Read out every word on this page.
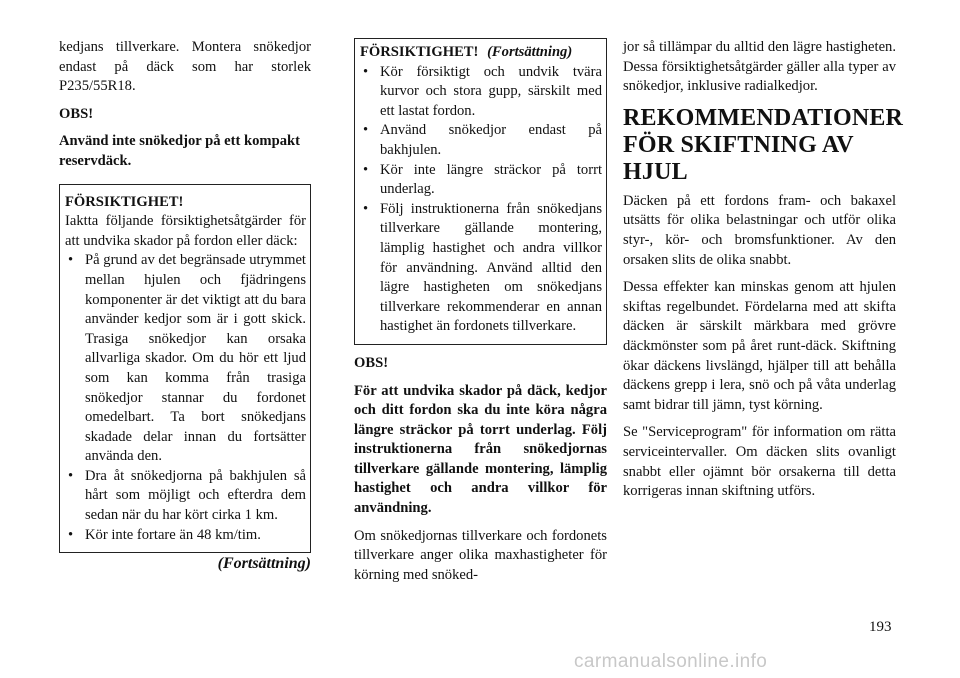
kedjans tillverkare. Montera snökedjor endast på däck som har storlek P235/55R18.

OBS!

Använd inte snökedjor på ett kompakt reservdäck.

FÖRSIKTIGHET!
Iaktta följande försiktighetsåtgärder för att undvika skador på fordon eller däck:
• På grund av det begränsade utrymmet mellan hjulen och fjädringens komponenter är det viktigt att du bara använder kedjor som är i gott skick. Trasiga snökedjor kan orsaka allvarliga skador. Om du hör ett ljud som kan komma från trasiga snökedjor stannar du fordonet omedelbart. Ta bort snökedjans skadade delar innan du fortsätter använda den.
• Dra åt snökedjorna på bakhjulen så hårt som möjligt och efterdra dem sedan när du har kört cirka 1 km.
• Kör inte fortare än 48 km/tim.
(Fortsättning)
FÖRSIKTIGHET! (Fortsättning)
• Kör försiktigt och undvik tvära kurvor och stora gupp, särskilt med ett lastat fordon.
• Använd snökedjor endast på bakhjulen.
• Kör inte längre sträckor på torrt underlag.
• Följ instruktionerna från snökedjans tillverkare gällande montering, lämplig hastighet och andra villkor för användning. Använd alltid den lägre hastigheten om snökedjans tillverkare rekommenderar en annan hastighet än fordonets tillverkare.

OBS!

För att undvika skador på däck, kedjor och ditt fordon ska du inte köra några längre sträckor på torrt underlag. Följ instruktionerna från snökedjornas tillverkare gällande montering, lämplig hastighet och andra villkor för användning.

Om snökedjornas tillverkare och fordonets tillverkare anger olika maxhastigheter för körning med snöked-

jor så tillämpar du alltid den lägre hastigheten. Dessa försiktighetsåtgärder gäller alla typer av snökedjor, inklusive radialkedjor.

REKOMMENDATIONER FÖR SKIFTNING AV HJUL

Däcken på ett fordons fram- och bakaxel utsätts för olika belastningar och utför olika styr-, kör- och bromsfunktioner. Av den orsaken slits de olika snabbt.

Dessa effekter kan minskas genom att hjulen skiftas regelbundet. Fördelarna med att skifta däcken är särskilt märkbara med grövre däckmönster som på året runt-däck. Skiftning ökar däckens livslängd, hjälper till att behålla däckens grepp i lera, snö och på våta underlag samt bidrar till jämn, tyst körning.

Se "Serviceprogram" för information om rätta serviceintervaller. Om däcken slits ovanligt snabbt eller ojämnt bör orsakerna till detta korrigeras innan skiftning utförs.

193
carmanualsonline.info
